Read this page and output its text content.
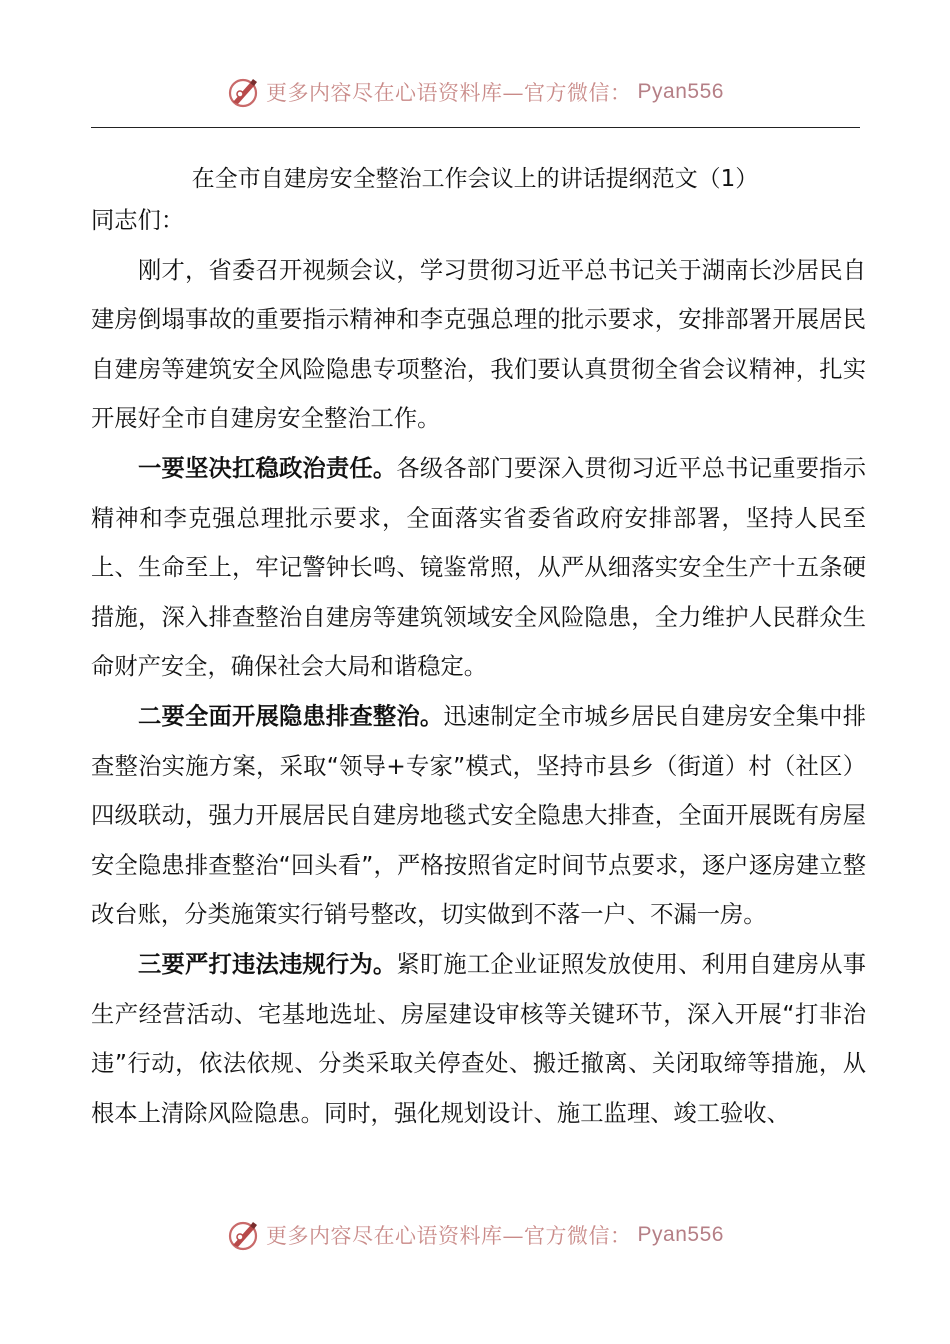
更多内容尽在心语资料库—官方微信： Pyan556
在全市自建房安全整治工作会议上的讲话提纲范文（1）

同志们：

刚才，省委召开视频会议，学习贯彻习近平总书记关于湖南长沙居民自建房倒塌事故的重要指示精神和李克强总理的批示要求，安排部署开展居民自建房等建筑安全风险隐患专项整治，我们要认真贯彻全省会议精神，扎实开展好全市自建房安全整治工作。

一要坚决扛稳政治责任。各级各部门要深入贯彻习近平总书记重要指示精神和李克强总理批示要求，全面落实省委省政府安排部署，坚持人民至上、生命至上，牢记警钟长鸣、镜鉴常照，从严从细落实安全生产十五条硬措施，深入排查整治自建房等建筑领域安全风险隐患，全力维护人民群众生命财产安全，确保社会大局和谐稳定。

二要全面开展隐患排查整治。迅速制定全市城乡居民自建房安全集中排查整治实施方案，采取“领导+专家”模式，坚持市县乡（街道）村（社区）四级联动，强力开展居民自建房地毯式安全隐患大排查，全面开展既有房屋安全隐患排查整治“回头看”，严格按照省定时间节点要求，逐户逐房建立整改台账，分类施策实行销号整改，切实做到不落一户、不漏一房。

三要严打违法违规行为。紧盯施工企业证照发放使用、利用自建房从事生产经营活动、宅基地选址、房屋建设审核等关键环节，深入开展“打非治违”行动，依法依规、分类采取关停查处、搬迁撤离、关闭取缔等措施，从根本上清除风险隐患。同时，强化规划设计、施工监理、竣工验收、

更多内容尽在心语资料库—官方微信： Pyan556
